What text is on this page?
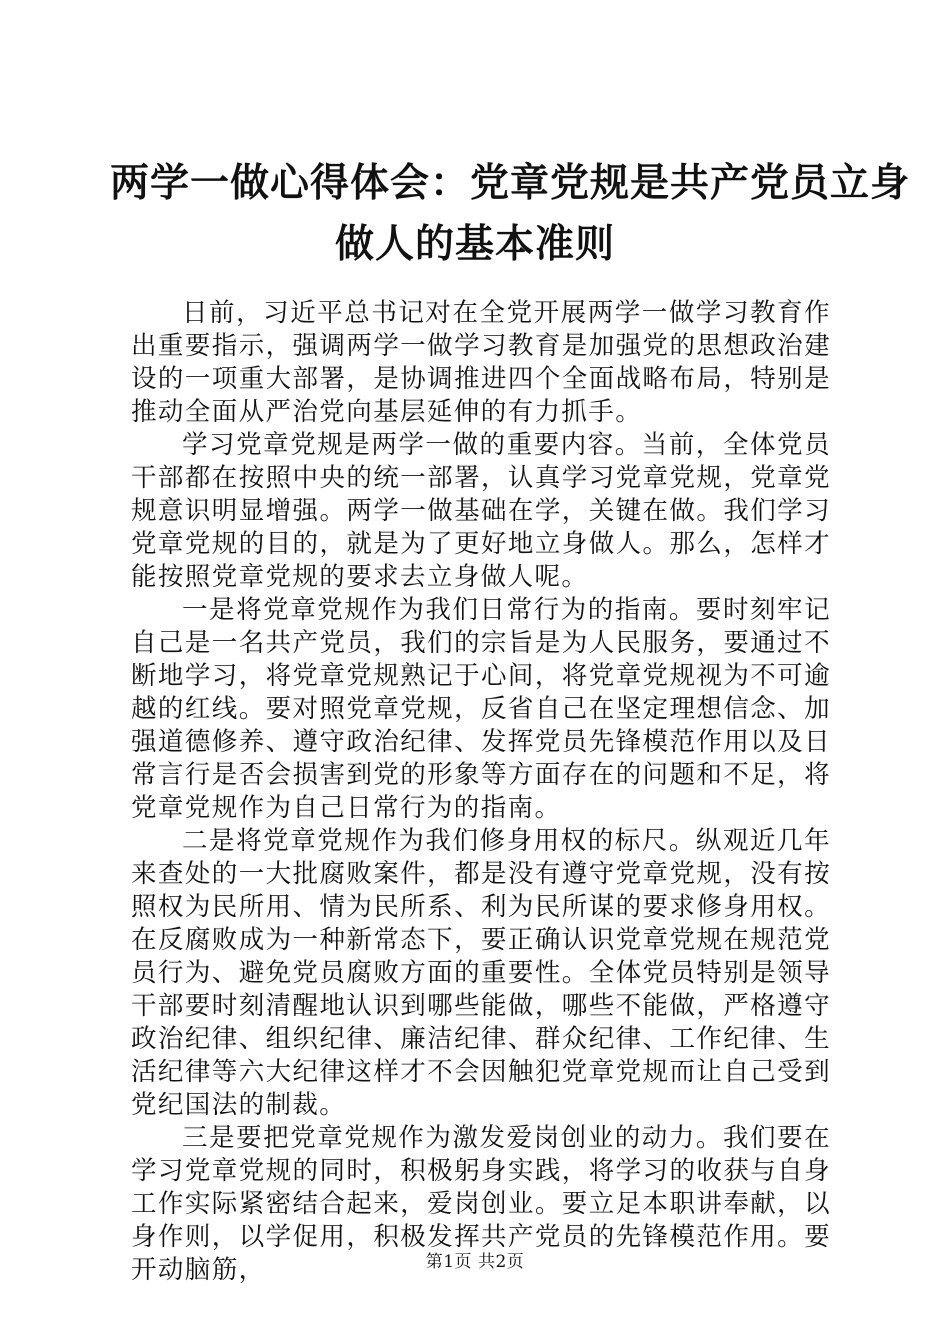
两学一做心得体会：党章党规是共产党员立身
做人的基本准则

日前，习近平总书记对在全党开展两学一做学习教育作出重要指示，强调两学一做学习教育是加强党的思想政治建设的一项重大部署，是协调推进四个全面战略布局，特别是推动全面从严治党向基层延伸的有力抓手。

学习党章党规是两学一做的重要内容。当前，全体党员干部都在按照中央的统一部署，认真学习党章党规，党章党规意识明显增强。两学一做基础在学，关键在做。我们学习党章党规的目的，就是为了更好地立身做人。那么，怎样才能按照党章党规的要求去立身做人呢。

一是将党章党规作为我们日常行为的指南。要时刻牢记自己是一名共产党员，我们的宗旨是为人民服务，要通过不断地学习，将党章党规熟记于心间，将党章党规视为不可逾越的红线。要对照党章党规，反省自己在坚定理想信念、加强道德修养、遵守政治纪律、发挥党员先锋模范作用以及日常言行是否会损害到党的形象等方面存在的问题和不足，将党章党规作为自己日常行为的指南。

二是将党章党规作为我们修身用权的标尺。纵观近几年来查处的一大批腐败案件，都是没有遵守党章党规，没有按照权为民所用、情为民所系、利为民所谋的要求修身用权。在反腐败成为一种新常态下，要正确认识党章党规在规范党员行为、避免党员腐败方面的重要性。全体党员特别是领导干部要时刻清醒地认识到哪些能做，哪些不能做，严格遵守政治纪律、组织纪律、廉洁纪律、群众纪律、工作纪律、生活纪律等六大纪律这样才不会因触犯党章党规而让自己受到党纪国法的制裁。

三是要把党章党规作为激发爱岗创业的动力。我们要在学习党章党规的同时，积极躬身实践，将学习的收获与自身工作实际紧密结合起来，爱岗创业。要立足本职讲奉献，以身作则，以学促用，积极发挥共产党员的先锋模范作用。要开动脑筋，	第1页 共2页
